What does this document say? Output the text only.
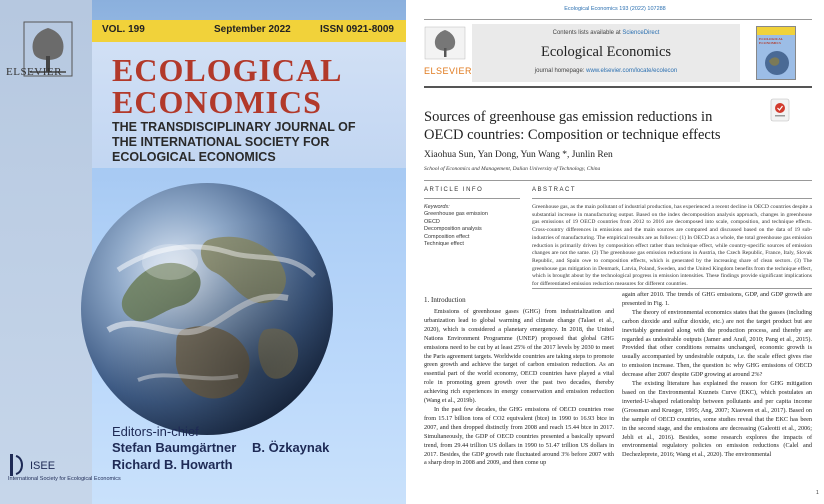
ELSEVIER
VOL. 199	September 2022	ISSN 0921-8009
ECOLOGICAL
ECONOMICS
THE TRANSDISCIPLINARY JOURNAL OF
THE INTERNATIONAL SOCIETY FOR
ECOLOGICAL ECONOMICS
Editors-in-chief
Stefan Baumgärtner
Richard B. Howarth
B. Özkaynak
ISEE
International Society for Ecological Economics
Ecological Economics 193 (2022) 107288
ELSEVIER
Contents lists available at ScienceDirect
Ecological Economics
journal homepage: www.elsevier.com/locate/ecolecon
ECOLOGICAL ECONOMICS
Sources of greenhouse gas emission reductions in OECD countries: Composition or technique effects
Xiaohua Sun, Yan Dong, Yun Wang *, Junlin Ren
School of Economics and Management, Dalian University of Technology, China
ARTICLE INFO	ABSTRACT
Keywords:
Greenhouse gas emission
OECD
Decomposition analysis
Composition effect
Technique effect
Greenhouse gas, as the main pollutant of industrial production, has experienced a recent decline in OECD countries despite a substantial increase in manufacturing output. Based on the index decomposition analysis approach, changes in greenhouse gas emissions of 19 OECD countries from 2012 to 2016 are decomposed into scale, composition, and technique effects. Cross-country differences in emissions and the main sources are compared and discussed based on the data of 19 sub-industries of manufacturing. The empirical results are as follows: (1) In OECD as a whole, the total greenhouse gas emission reduction is primarily driven by composition effect rather than technique effect, while country-specific sources of emission changes are not the same. (2) The greenhouse gas emission reductions in Austria, the Czech Republic, France, Italy, Slovak Republic, and Spain owe to composition effects, which is generated by the increasing share of clean sectors. (3) The greenhouse gas mitigation in Denmark, Latvia, Poland, Sweden, and the United Kingdom benefits from the technique effect, which is brought about by the technological progress in emission intensities. These findings provide significant implications for differentiated emission reduction measures for different countries.
1. Introduction

Emissions of greenhouse gases (GHG) from industrialization and urbanization lead to global warming and climate change (Talaei et al., 2020), which is considered a planetary emergency. In 2018, the United Nations Environment Programme (UNEP) proposed that global GHG emissions need to be cut by at least 25% of the 2017 levels by 2030 to meet the Paris agreement targets. Worldwide countries are taking steps to promote green growth and achieve the target of carbon emission reduction. As an essential part of the world economy, OECD countries have played a vital role in promoting green growth over the past two decades, thereby achieving rich experiences in energy conservation and emission reduction (Wang et al., 2019b).

In the past few decades, the GHG emissions of OECD countries rose from 15.17 billion tons of CO2 equivalent (btce) in 1990 to 16.93 btce in 2007, and then dropped distinctly from 2008 and reach 15.44 btce in 2017. Simultaneously, the GDP of OECD countries presented a basically upward trend, from 29.44 trillion US dollars in 1990 to 51.47 trillion US dollars in 2017. Besides, the GDP growth rate fluctuated around 3% before 2007 with a sharp drop in 2008 and 2009, and then come up

again after 2010. The trends of GHG emissions, GDP, and GDP growth are presented in Fig. 1.

The theory of environmental economics states that the gasses (including carbon dioxide and sulfur dioxide, etc.) are not the target product but are inevitably generated along with the production process, and thereby are regarded as undesirable outputs (Jamer and Arail, 2010; Pang et al., 2015). Provided that other conditions remains unchanged, economic growth is usually accompanied by undesirable outputs, i.e. the scale effect gives rise to emission increase. Then, the question is: why GHG emissions of OECD decrease after 2007 despite GDP growing at around 2%?

The existing literature has explained the reason for GHG mitigation based on the Environmental Kuznets Curve (EKC), which postulates an inverted-U-shaped relationship between pollutants and per capita income (Grossman and Krueger, 1995; Ang, 2007; Xiaowen et al., 2017). Based on the sample of OECD countries, some studies reveal that the EKC has been in the second stage, and the emissions are decreasing (Galeotti et al., 2006; Jebli et al., 2016). Besides, some research explores the impacts of environmental regulatory policies on emission reductions (Calel and Dechezleprete, 2016; Wang et al., 2020). The environmental

1
